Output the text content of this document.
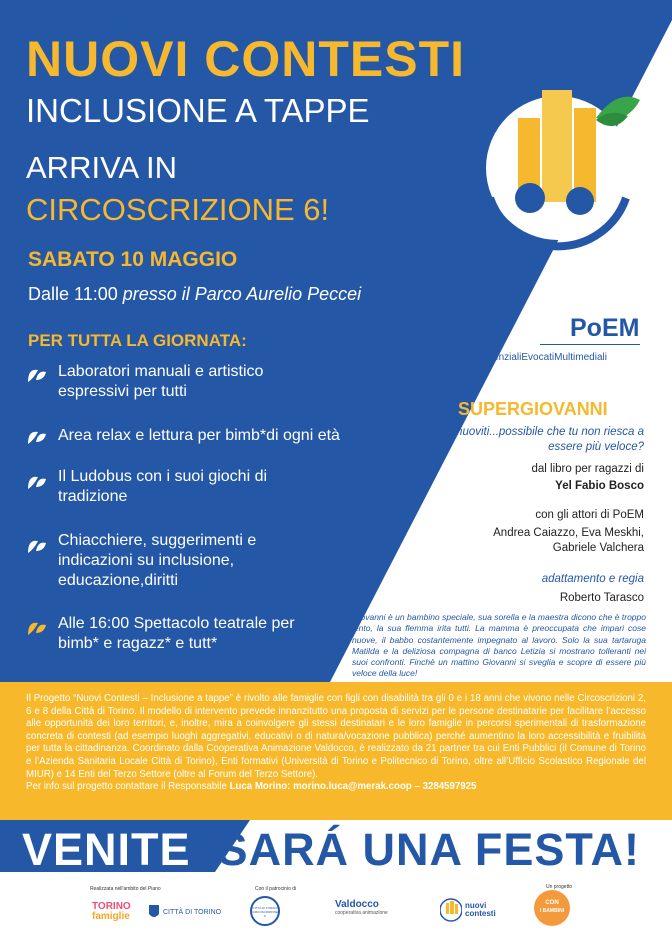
NUOVI CONTESTI
INCLUSIONE A TAPPE
ARRIVA IN
CIRCOSCRIZIONE 6!
SABATO 10 MAGGIO
Dalle 11:00 presso il Parco Aurelio Peccei
PER TUTTA LA GIORNATA:
Laboratori manuali e artistico espressivi per tutti
Area relax e lettura per bimb*di ogni età
Il Ludobus con i suoi giochi di tradizione
Chiacchiere, suggerimenti e indicazioni su inclusione, educazione,diritti
Alle 16:00 Spettacolo teatrale per bimb* e ragazz* e tutt*
PoEM
PotenzialiEvocatiMultimediali
SUPERGIOVANNI
Dai muoviti...possibile che tu non riesca a essere più veloce?
dal libro per ragazzi di
Yel Fabio Bosco
con gli attori di PoEM
Andrea Caiazzo, Eva Meskhi, Gabriele Valchera
adattamento e regia
Roberto Tarasco
Giovanni è un bambino speciale, sua sorella e la maestra dicono che è troppo lento, la sua flemma irita tutti. La mamma è preoccupata che impari cose nuove, il babbo costantemente impegnato al lavoro. Solo la sua tartaruga Matilda e la deliziosa compagna di banco Letizia si mostrano tolleranti nei suoi confronti. Finchè un mattino Giovanni si sveglia e scopre di essere più veloce della luce!
Il Progetto “Nuovi Contesti – Inclusione a tappe” è rivolto alle famiglie con figli con disabilità tra gli 0 e i 18 anni che vivono nelle Circoscrizioni 2, 6 e 8 della Città di Torino. Il modello di intervento prevede innanzitutto una proposta di servizi per le persone destinatarie per facilitare l’accesso alle opportunità dei loro territori, e, inoltre, mira a coinvolgere gli stessi destinatari e le loro famiglie in percorsi sperimentali di trasformazione concreta di contesti (ad esempio luoghi aggregativi, educativi o di natura/vocazione pubblica) perché aumentino la loro accessibilità e fruibilità per tutta la cittadinanza. Coordinato dalla Cooperativa Animazione Valdocco, è realizzato da 21 partner tra cui Enti Pubblici (il Comune di Torino e l’Azienda Sanitaria Locale Città di Torino), Enti formativi (Università di Torino e Politecnico di Torino, oltre all’Ufficio Scolastico Regionale del MIUR) e 14 Enti del Terzo Settore (oltre al Forum del Terzo Settore).
Per info sul progetto contattare il Responsabile Luca Morino: morino.luca@merak.coop – 3284597925
VENITE, SARÁ UNA FESTA!
Realizzata nell'ambito del Piano	Con il patrocinio di
TORINO
famiglie	CITTÀ DI TORINO
CITTÀ DI TORINO CIRCOSCRIZIONE 6
Valdocco
cooperativa animazione
nuovi
contesti
Un progetto
CON
I BAMBINI
